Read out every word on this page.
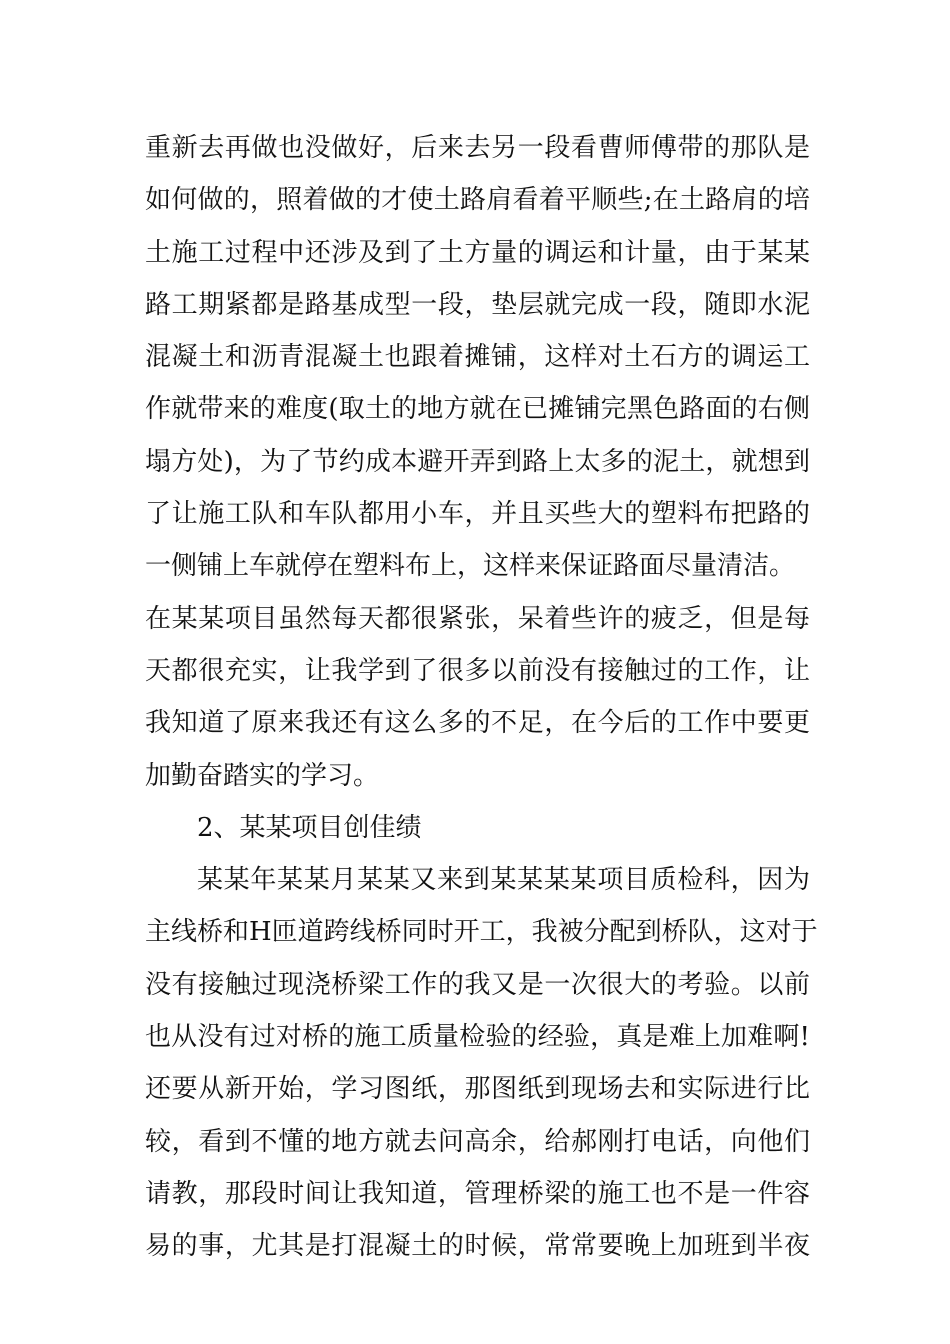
重新去再做也没做好，后来去另一段看曹师傅带的那队是
如何做的，照着做的才使土路肩看着平顺些;在土路肩的培
土施工过程中还涉及到了土方量的调运和计量，由于某某
路工期紧都是路基成型一段，垫层就完成一段，随即水泥
混凝土和沥青混凝土也跟着摊铺，这样对土石方的调运工
作就带来的难度(取土的地方就在已摊铺完黑色路面的右侧
塌方处)，为了节约成本避开弄到路上太多的泥土，就想到
了让施工队和车队都用小车，并且买些大的塑料布把路的
一侧铺上车就停在塑料布上，这样来保证路面尽量清洁。
在某某项目虽然每天都很紧张，呆着些许的疲乏，但是每
天都很充实，让我学到了很多以前没有接触过的工作，让
我知道了原来我还有这么多的不足，在今后的工作中要更
加勤奋踏实的学习。
2、某某项目创佳绩
某某年某某月某某又来到某某某某项目质检科，因为
主线桥和H匝道跨线桥同时开工，我被分配到桥队，这对于
没有接触过现浇桥梁工作的我又是一次很大的考验。以前
也从没有过对桥的施工质量检验的经验，真是难上加难啊!
还要从新开始，学习图纸，那图纸到现场去和实际进行比
较，看到不懂的地方就去问高余，给郝刚打电话，向他们
请教，那段时间让我知道，管理桥梁的施工也不是一件容
易的事，尤其是打混凝土的时候，常常要晚上加班到半夜
